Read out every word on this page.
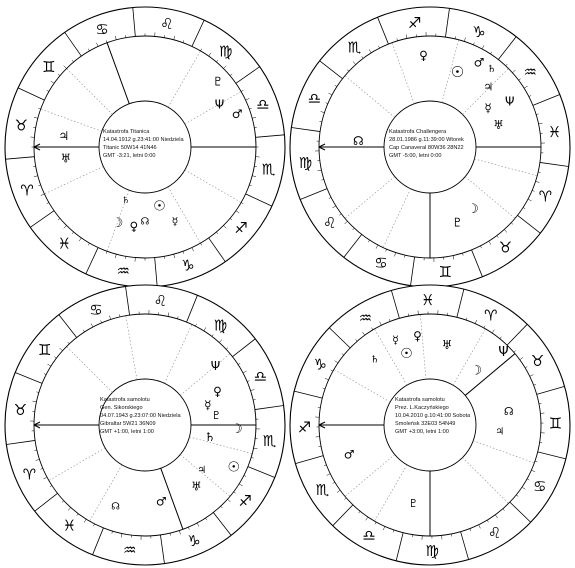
♎
♍
♌
♋
♊
♉
♈
♓
♒	♑
♐
♏
Ψ
♇
♂
♃
♅
☿
♀
♄ ☉
☽ ☊
Katastrofa Titanica
14.04.1912 g.23:41:00 Niedziela
Titanic 50W14 41N46
GMT -3:21, letni 0:00
♒
♑
♐
♏
♎
♍
♌
♋
♊
♉
♈
♓
♀
☉
♂
Ψ
♃
☿
♅
♄
♇
☽
☊
Katastrofa Challengera
28.01.1986 g.11:39:00 Wtorek
Cap Canaveral 80W36 28N22
GMT -5:00, letni 0:00
♎
♍
♌
♋
♊
♉
♈
♓
♒
♑
♐
♏
Ψ
♀
☿
♇
☽
♄
☉
♅
♃
♂
☊
Katastrofa samolotu
Gen. Sikorskiego
04.07.1943 g.23:07:00 Niedziela
Gibraltar 5W21 36N09
GMT +1:00, letni 1:00
♉
♈
♓
♒
♑
♐
♏
♎
♍
♌
♋
♊
♄
☿
☉
♀
♅
☽
Ψ
☊
♃
♂
♇
Katastrofa samolotu
Prez. L.Kaczyńskiego
10.04.2010 g.10:41:00 Sobota
Smoleńsk 32E03 54N49
GMT +3:00, letni 1:00
